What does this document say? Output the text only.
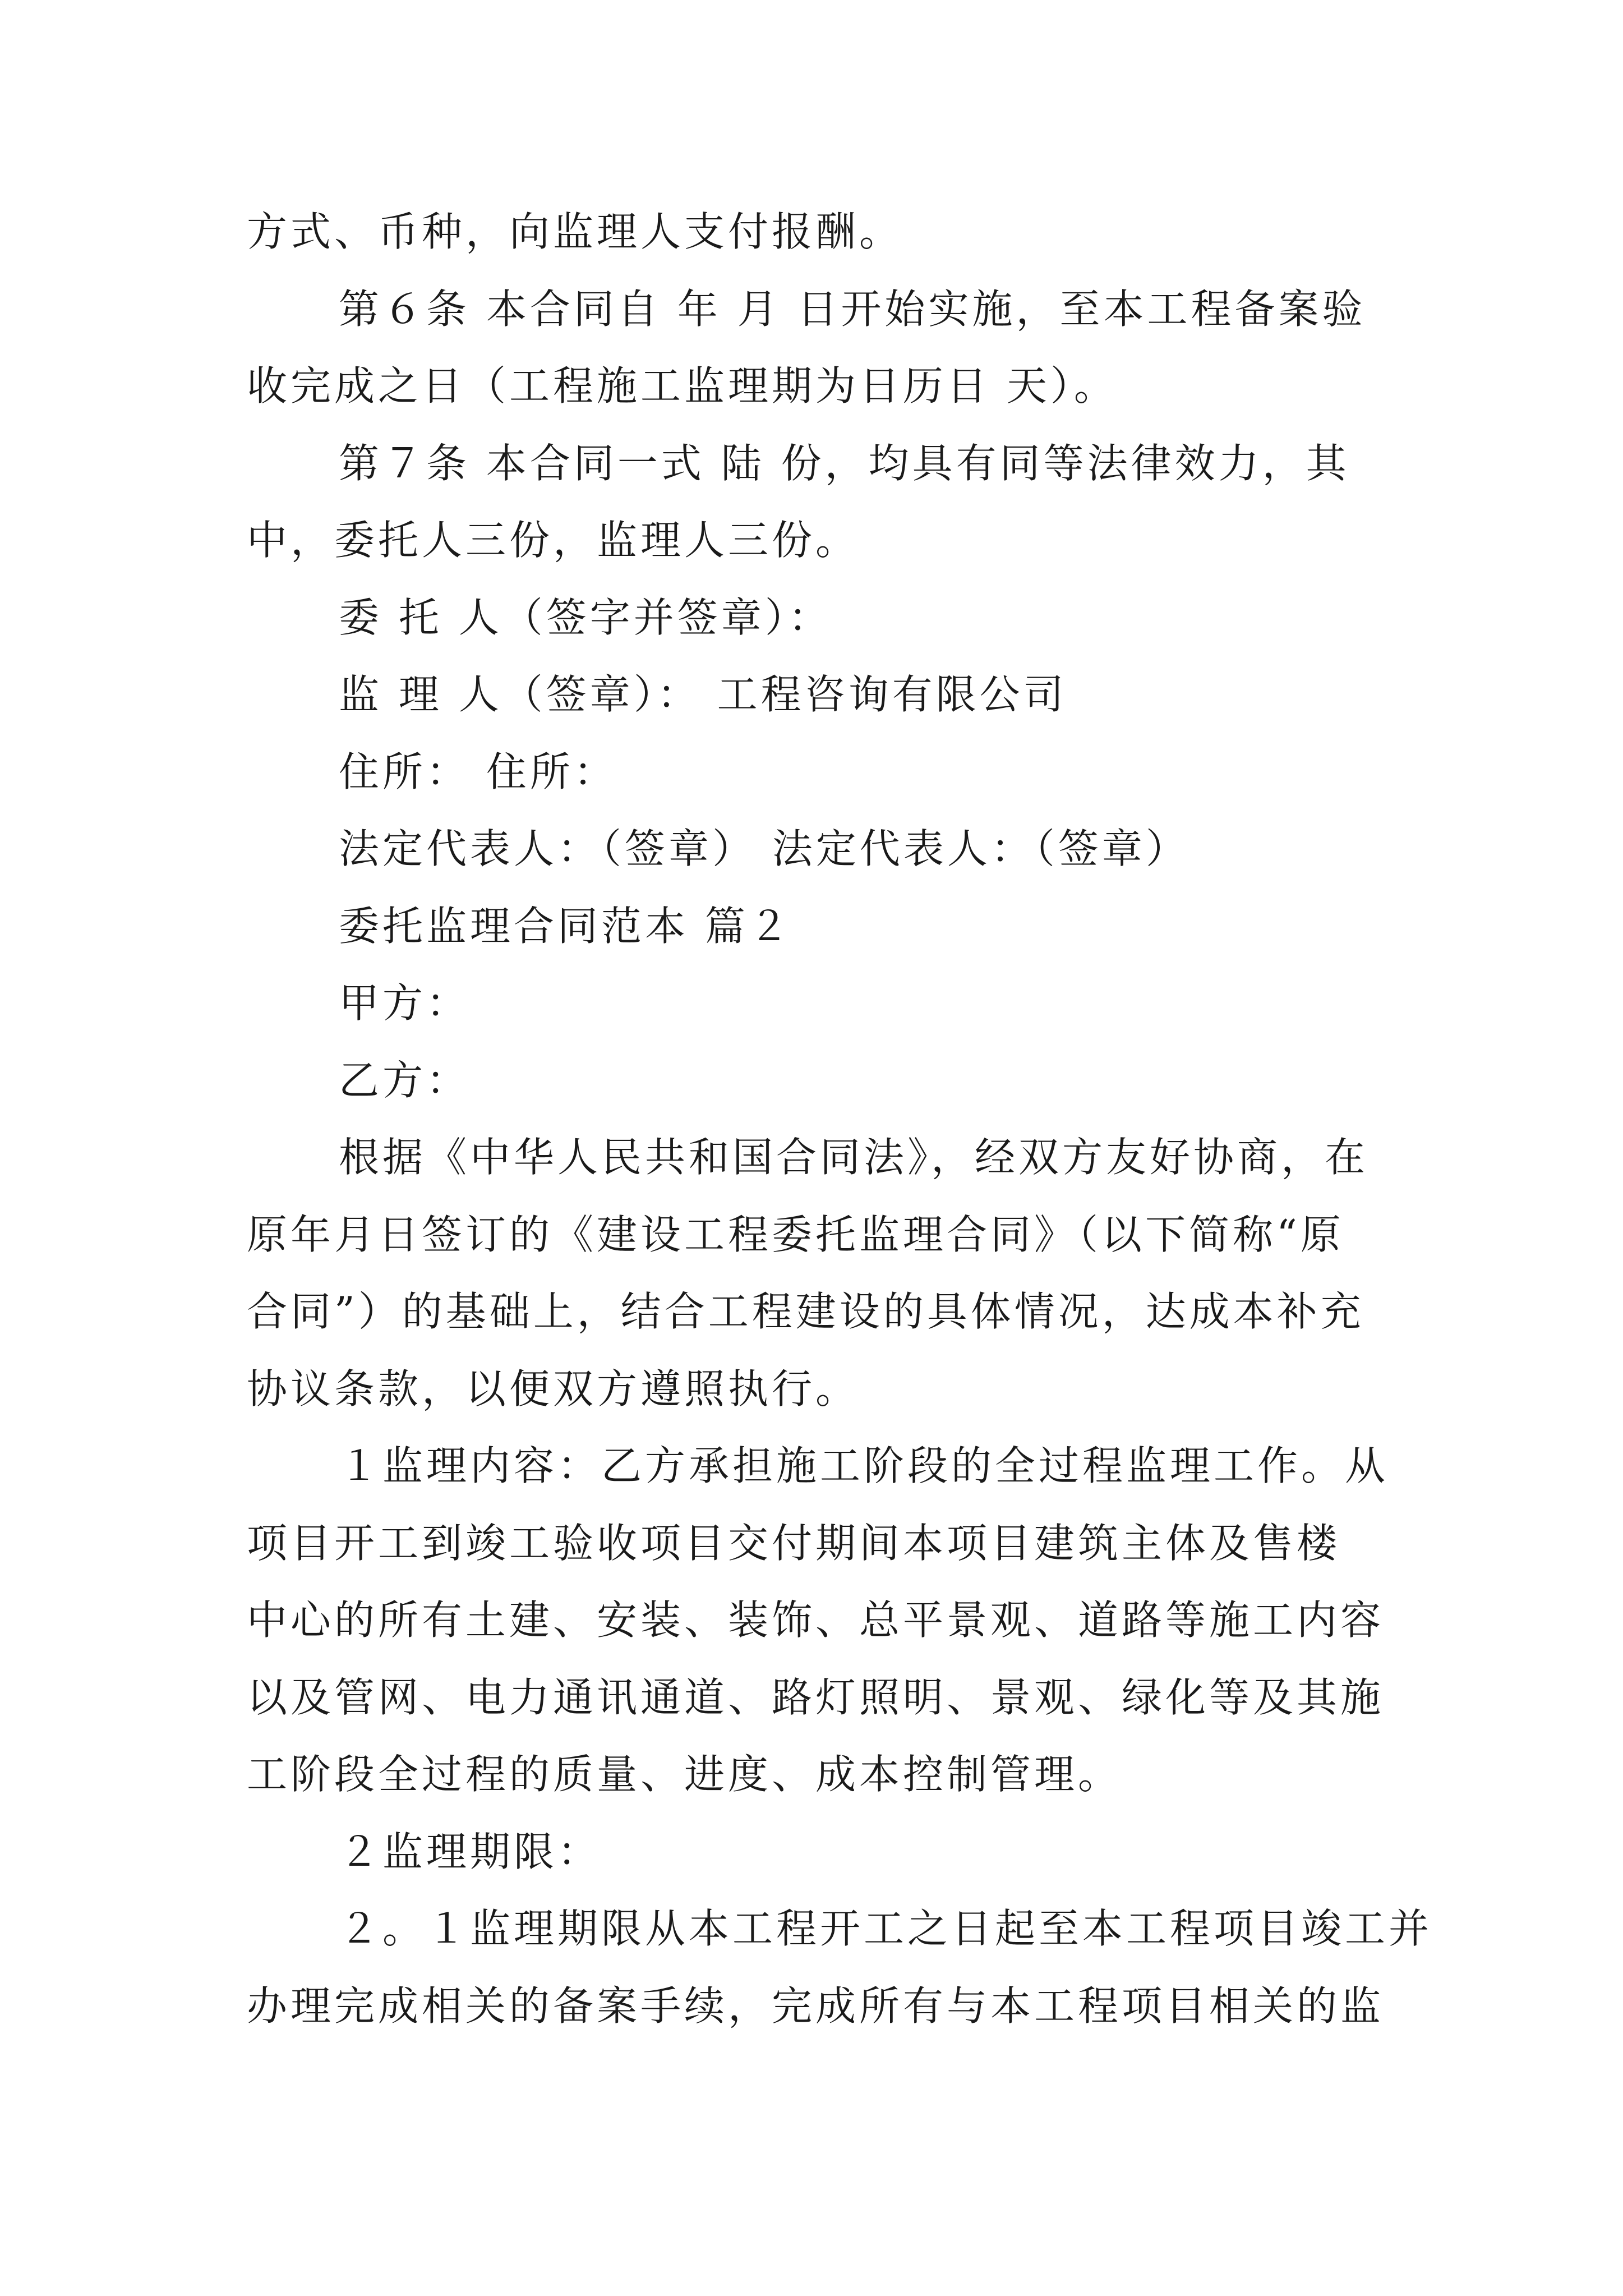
方式、币种，向监理人支付报酬。
第６条 本合同自 年 月 日开始实施，至本工程备案验
收完成之日（工程施工监理期为日历日 天）。
第７条 本合同一式 陆 份，均具有同等法律效力，其
中，委托人三份，监理人三份。
委 托 人（签字并签章）：
监 理 人（签章）： 工程咨询有限公司
住所： 住所：
法定代表人：（签章） 法定代表人：（签章）
委托监理合同范本 篇２
甲方：
乙方：
根据《中华人民共和国合同法》，经双方友好协商，在
原年月日签订的《建设工程委托监理合同》（以下简称“原
合同”）的基础上，结合工程建设的具体情况，达成本补充
协议条款，以便双方遵照执行。
１监理内容：乙方承担施工阶段的全过程监理工作。从
项目开工到竣工验收项目交付期间本项目建筑主体及售楼
中心的所有土建、安装、装饰、总平景观、道路等施工内容
以及管网、电力通讯通道、路灯照明、景观、绿化等及其施
工阶段全过程的质量、进度、成本控制管理。
２监理期限：
２。１监理期限从本工程开工之日起至本工程项目竣工并
办理完成相关的备案手续，完成所有与本工程项目相关的监
